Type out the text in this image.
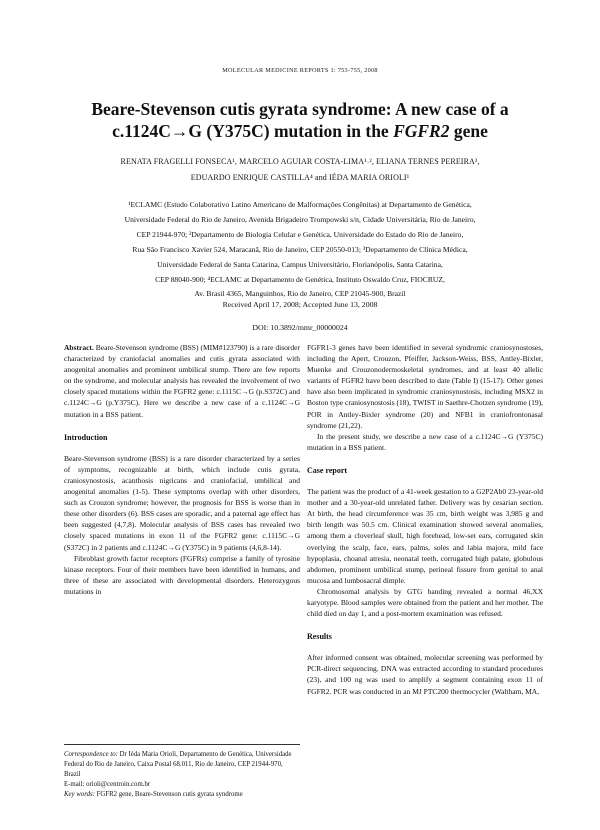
MOLECULAR MEDICINE REPORTS 1: 753-755, 2008
Beare-Stevenson cutis gyrata syndrome: A new case of a
c.1124C→G (Y375C) mutation in the FGFR2 gene
RENATA FRAGELLI FONSECA¹, MARCELO AGUIAR COSTA-LIMA¹˒², ELIANA TERNES PEREIRA³,
EDUARDO ENRIQUE CASTILLA⁴ and IÉDA MARIA ORIOLI¹
¹ECLAMC (Estudo Colaborativo Latino Americano de Malformações Congênitas) at Departamento de Genética,
Universidade Federal do Rio de Janeiro, Avenida Brigadeiro Trompowski s/n, Cidade Universitária, Rio de Janeiro,
CEP 21944-970; ²Departamento de Biologia Celular e Genética, Universidade do Estado do Rio de Janeiro,
Rua São Francisco Xavier 524, Maracanã, Rio de Janeiro, CEP 20550-013; ³Departamento de Clínica Médica,
Universidade Federal de Santa Catarina, Campus Universitário, Florianópolis, Santa Catarina,
CEP 88040-900; ⁴ECLAMC at Departamento de Genética, Instituto Oswaldo Cruz, FIOCRUZ,
Av. Brasil 4365, Manguinhos, Rio de Janeiro, CEP 21045-900, Brazil
Received April 17, 2008; Accepted June 13, 2008
DOI: 10.3892/mmr_00000024

Abstract. Beare-Stevenson syndrome (BSS) (MIM#123790) is a rare disorder characterized by craniofacial anomalies and cutis gyrata associated with anogenital anomalies and prominent umbilical stump. There are few reports on the syndrome, and molecular analysis has revealed the involvement of two closely spaced mutations within the FGFR2 gene: c.1115C→G (p.S372C) and c.1124C→G (p.Y375C). Here we describe a new case of a c.1124C→G mutation in a BSS patient.

Introduction

Beare-Stevenson syndrome (BSS) is a rare disorder characterized by a series of symptoms, recognizable at birth, which include cutis gyrata, craniosynostosis, acanthosis nigricans and craniofacial, umbilical and anogenital anomalies (1-5). These symptoms overlap with other disorders, such as Crouzon syndrome; however, the prognosis for BSS is worse than in these other disorders (6). BSS cases are sporadic, and a paternal age effect has been suggested (4,7,8). Molecular analysis of BSS cases has revealed two closely spaced mutations in exon 11 of the FGFR2 gene: c.1115C→G (S372C) in 2 patients and c.1124C→G (Y375C) in 9 patients (4,6,8-14).

Fibroblast growth factor receptors (FGFRs) comprise a family of tyrosine kinase receptors. Four of their members have been identified in humans, and three of these are associated with developmental disorders. Heterozygous mutations in

FGFR1-3 genes have been identified in several syndromic craniosynostoses, including the Apert, Crouzon, Pfeiffer, Jackson-Weiss, BSS, Antley-Bixler, Muenke and Crouzonodermoskeletal syndromes, and at least 40 allelic variants of FGFR2 have been described to date (Table I) (15-17). Other genes have also been implicated in syndromic craniosynostosis, including MSX2 in Boston type craniosynostosis (18), TWIST in Saethre-Chotzen syndrome (19), POR in Antley-Bixler syndrome (20) and NFB1 in craniofrontonasal syndrome (21,22).

In the present study, we describe a new case of a c.1124C→G (Y375C) mutation in a BSS patient.

Case report

The patient was the product of a 41-week gestation to a G2P2Ab0 23-year-old mother and a 30-year-old unrelated father. Delivery was by cesarian section. At birth, the head circumference was 35 cm, birth weight was 3,985 g and birth length was 50.5 cm. Clinical examination showed several anomalies, among them a cloverleaf skull, high forehead, low-set ears, corrugated skin overlying the scalp, face, ears, palms, soles and labia majora, mild face hypoplasia, choanal atresia, neonatal teeth, corrugated high palate, globulous abdomen, prominent umbilical stump, perineal fissure from genital to anal mucosa and lumbosacral dimple.

Chromosomal analysis by GTG banding revealed a normal 46,XX karyotype. Blood samples were obtained from the patient and her mother. The child died on day 1, and a post-mortem examination was refused.

Results

After informed consent was obtained, molecular screening was performed by PCR-direct sequencing. DNA was extracted according to standard procedures (23), and 100 ng was used to amplify a segment containing exon 11 of FGFR2. PCR was conducted in an MJ PTC200 thermocycler (Waltham, MA,

Correspondence to: Dr Iéda Maria Orioli, Departamento de Genética, Universidade Federal do Rio de Janeiro, Caixa Postal 68.011, Rio de Janeiro, CEP 21944-970, Brazil
E-mail: orioli@centroin.com.br
Key words: FGFR2 gene, Beare-Stevenson cutis gyrata syndrome
